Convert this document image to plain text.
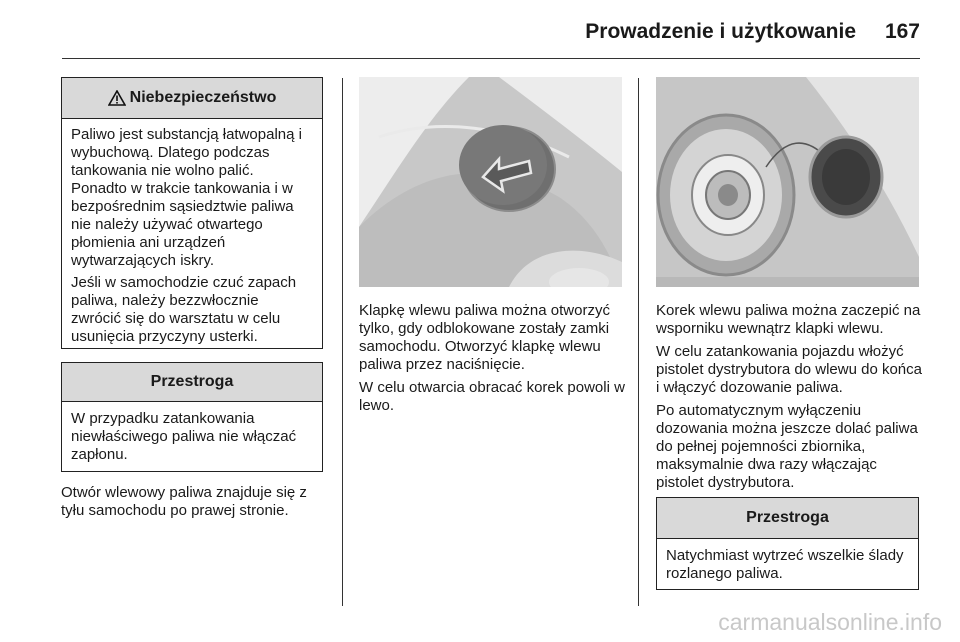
Prowadzenie i użytkowanie 167
Niebezpieczeństwo

Paliwo jest substancją łatwopalną i wybuchową. Dlatego podczas tankowania nie wolno palić. Ponadto w trakcie tankowania i w bezpośrednim sąsiedztwie paliwa nie należy używać otwartego płomienia ani urządzeń wytwarzających iskry.

Jeśli w samochodzie czuć zapach paliwa, należy bezzwłocznie zwrócić się do warsztatu w celu usunięcia przyczyny usterki.

Przestroga

W przypadku zatankowania niewłaściwego paliwa nie włączać zapłonu.

Otwór wlewowy paliwa znajduje się z tyłu samochodu po prawej stronie.

Klapkę wlewu paliwa można otworzyć tylko, gdy odblokowane zostały zamki samochodu. Otworzyć klapkę wlewu paliwa przez naciśnięcie.

W celu otwarcia obracać korek powoli w lewo.

Korek wlewu paliwa można zaczepić na wsporniku wewnątrz klapki wlewu.

W celu zatankowania pojazdu włożyć pistolet dystrybutora do wlewu do końca i włączyć dozowanie paliwa.

Po automatycznym wyłączeniu dozowania można jeszcze dolać paliwa do pełnej pojemności zbiornika, maksymalnie dwa razy włączając pistolet dystrybutora.

Przestroga

Natychmiast wytrzeć wszelkie ślady rozlanego paliwa.

carmanualsonline.info
